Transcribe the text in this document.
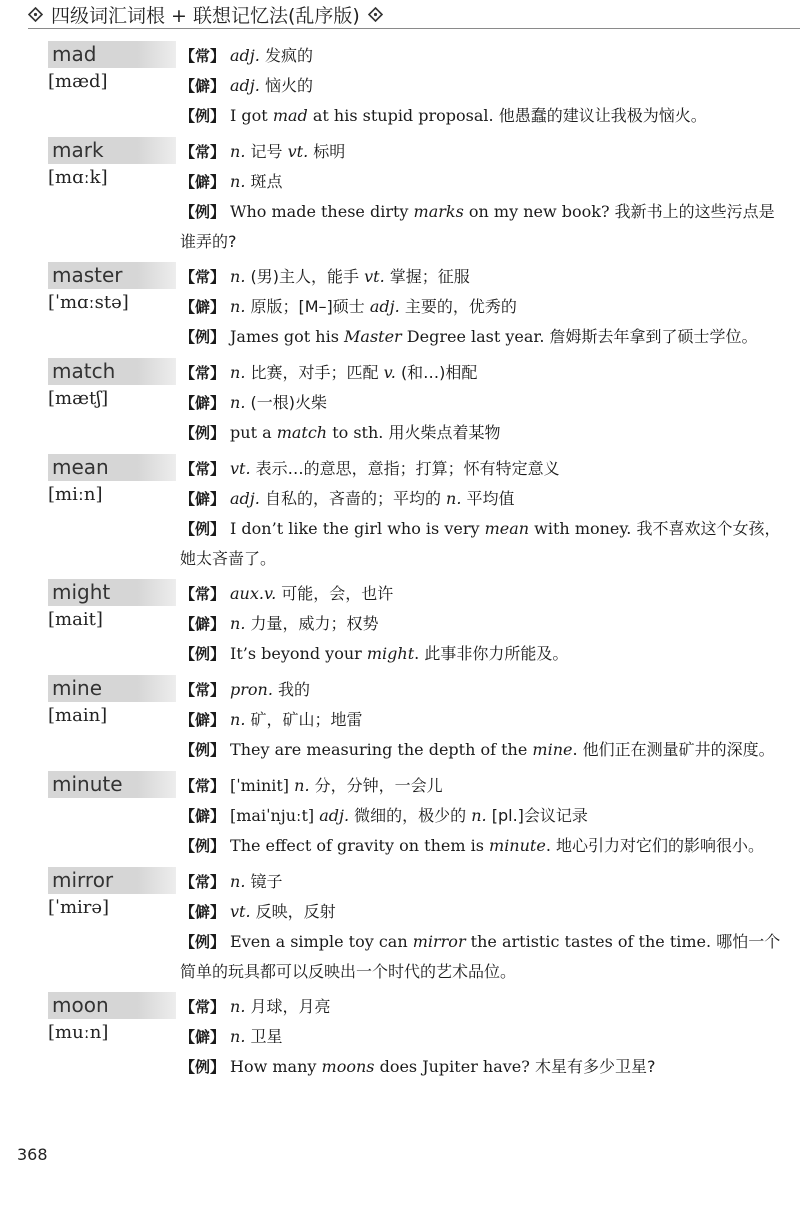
四级词汇词根 + 联想记忆法(乱序版)
mad
[mæd]
【常】 adj. 发疯的
【僻】 adj. 恼火的
【例】 I got mad at his stupid proposal. 他愚蠢的建议让我极为恼火。
mark
[mɑːk]
【常】 n. 记号 vt. 标明
【僻】 n. 斑点
【例】 Who made these dirty marks on my new book? 我新书上的这些污点是谁弄的?
master
[ˈmɑːstə]
【常】 n. (男)主人，能手 vt. 掌握；征服
【僻】 n. 原版；[M–]硕士 adj. 主要的，优秀的
【例】 James got his Master Degree last year. 詹姆斯去年拿到了硕士学位。
match
[mætʃ]
【常】 n. 比赛，对手；匹配 v. (和…)相配
【僻】 n. (一根)火柴
【例】 put a match to sth. 用火柴点着某物
mean
[miːn]
【常】 vt. 表示…的意思，意指；打算；怀有特定意义
【僻】 adj. 自私的，吝啬的；平均的 n. 平均值
【例】 I don’t like the girl who is very mean with money. 我不喜欢这个女孩，她太吝啬了。
might
[mait]
【常】 aux.v. 可能，会，也许
【僻】 n. 力量，威力；权势
【例】 It’s beyond your might. 此事非你力所能及。
mine
[main]
【常】 pron. 我的
【僻】 n. 矿，矿山；地雷
【例】 They are measuring the depth of the mine. 他们正在测量矿井的深度。
minute	【常】 [ˈminit] n. 分，分钟，一会儿
【僻】 [maiˈnjuːt] adj. 微细的，极少的 n. [pl.]会议记录
【例】 The effect of gravity on them is minute. 地心引力对它们的影响很小。
mirror
[ˈmirə]
【常】 n. 镜子
【僻】 vt. 反映，反射
【例】 Even a simple toy can mirror the artistic tastes of the time. 哪怕一个简单的玩具都可以反映出一个时代的艺术品位。
moon
[muːn]
【常】 n. 月球，月亮
【僻】 n. 卫星
【例】 How many moons does Jupiter have? 木星有多少卫星?
368
